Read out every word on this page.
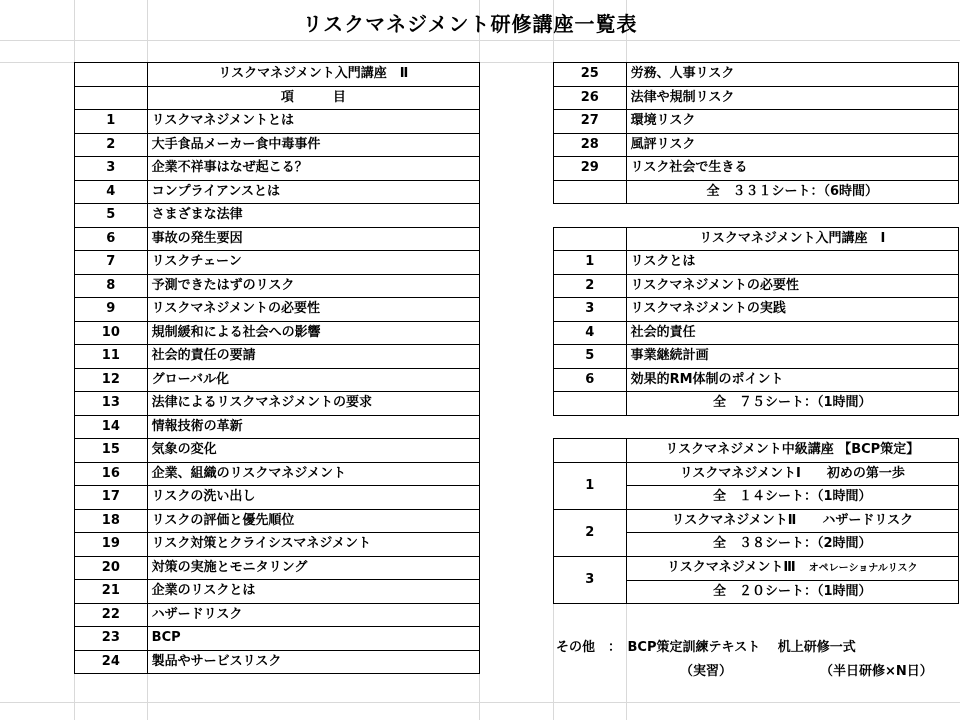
リスクマネジメント研修講座一覧表
	リスクマネジメント入門講座　Ⅱ
	項　　　目
1	リスクマネジメントとは
2	大手食品メーカー食中毒事件
3	企業不祥事はなぜ起こる？
4	コンプライアンスとは
5	さまざまな法律
6	事故の発生要因
7	リスクチェーン
8	予測できたはずのリスク
9	リスクマネジメントの必要性
10	規制緩和による社会への影響
11	社会的責任の要請
12	グローバル化
13	法律によるリスクマネジメントの要求
14	情報技術の革新
15	気象の変化
16	企業、組織のリスクマネジメント
17	リスクの洗い出し
18	リスクの評価と優先順位
19	リスク対策とクライシスマネジメント
20	対策の実施とモニタリング
21	企業のリスクとは
22	ハザードリスク
23	BCP
24	製品やサービスリスク
25	労務、人事リスク
26	法律や規制リスク
27	環境リスク
28	風評リスク
29	リスク社会で生きる
	全　３３１シート：（6時間）

	リスクマネジメント入門講座　Ⅰ
1	リスクとは
2	リスクマネジメントの必要性
3	リスクマネジメントの実践
4	社会的責任
5	事業継続計画
6	効果的RM体制のポイント
	全　７５シート：（1時間）

	リスクマネジメント中級講座 【BCP策定】
1	リスクマネジメントⅠ　　初めの第一歩
	全　１４シート：（1時間）
2	リスクマネジメントⅡ　　ハザードリスク
	全　３８シート：（2時間）
3	リスクマネジメントⅢ　オペレーショナルリスク
	全　２０シート：（1時間）
その他　：　BCP策定訓練テキスト　 机上研修一式
（実習）	（半日研修×N日）
